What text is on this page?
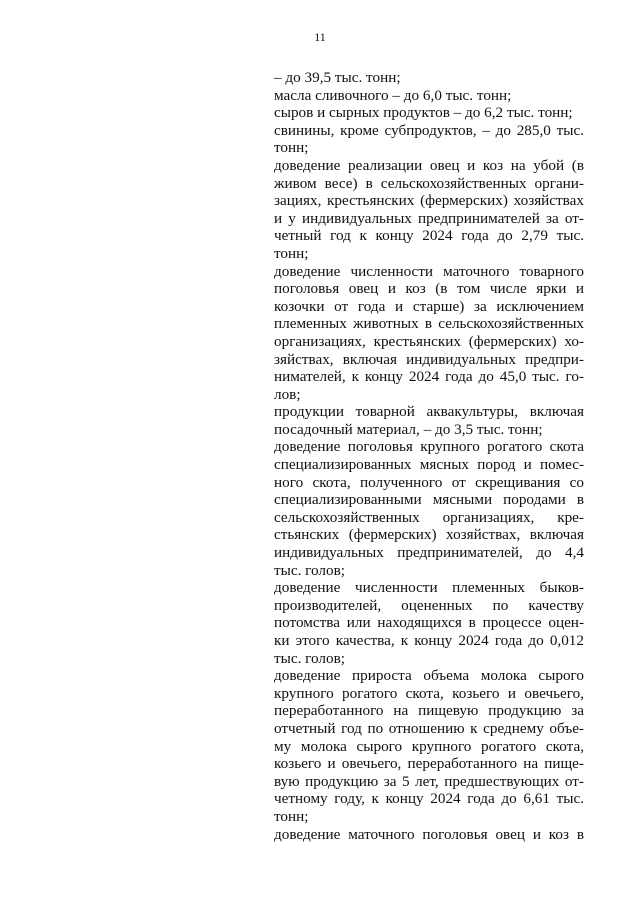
11
– до 39,5 тыс. тонн;
масла сливочного – до 6,0 тыс. тонн;
сыров и сырных продуктов – до 6,2 тыс. тонн;
свинины, кроме субпродуктов, – до 285,0 тыс.
тонн;
доведение реализации овец и коз на убой (в
живом весе) в сельскохозяйственных органи-
зациях, крестьянских (фермерских) хозяйствах
и у индивидуальных предпринимателей за от-
четный год к концу 2024 года до 2,79 тыс.
тонн;
доведение численности маточного товарного
поголовья овец и коз (в том числе ярки и
козочки от года и старше) за исключением
племенных животных в сельскохозяйственных
организациях, крестьянских (фермерских) хо-
зяйствах, включая индивидуальных предпри-
нимателей, к концу 2024 года до 45,0 тыс. го-
лов;
продукции товарной аквакультуры, включая
посадочный материал, – до 3,5 тыс. тонн;
доведение поголовья крупного рогатого скота
специализированных мясных пород и помес-
ного скота, полученного от скрещивания со
специализированными мясными породами в
сельскохозяйственных организациях, кре-
стьянских (фермерских) хозяйствах, включая
индивидуальных предпринимателей, до 4,4
тыс. голов;
доведение численности племенных быков-
производителей, оцененных по качеству
потомства или находящихся в процессе оцен-
ки этого качества, к концу 2024 года до 0,012
тыс. голов;
доведение прироста объема молока сырого
крупного рогатого скота, козьего и овечьего,
переработанного на пищевую продукцию за
отчетный год по отношению к среднему объе-
му молока сырого крупного рогатого скота,
козьего и овечьего, переработанного на пище-
вую продукцию за 5 лет, предшествующих от-
четному году, к концу 2024 года до 6,61 тыс.
тонн;
доведение маточного поголовья овец и коз в
